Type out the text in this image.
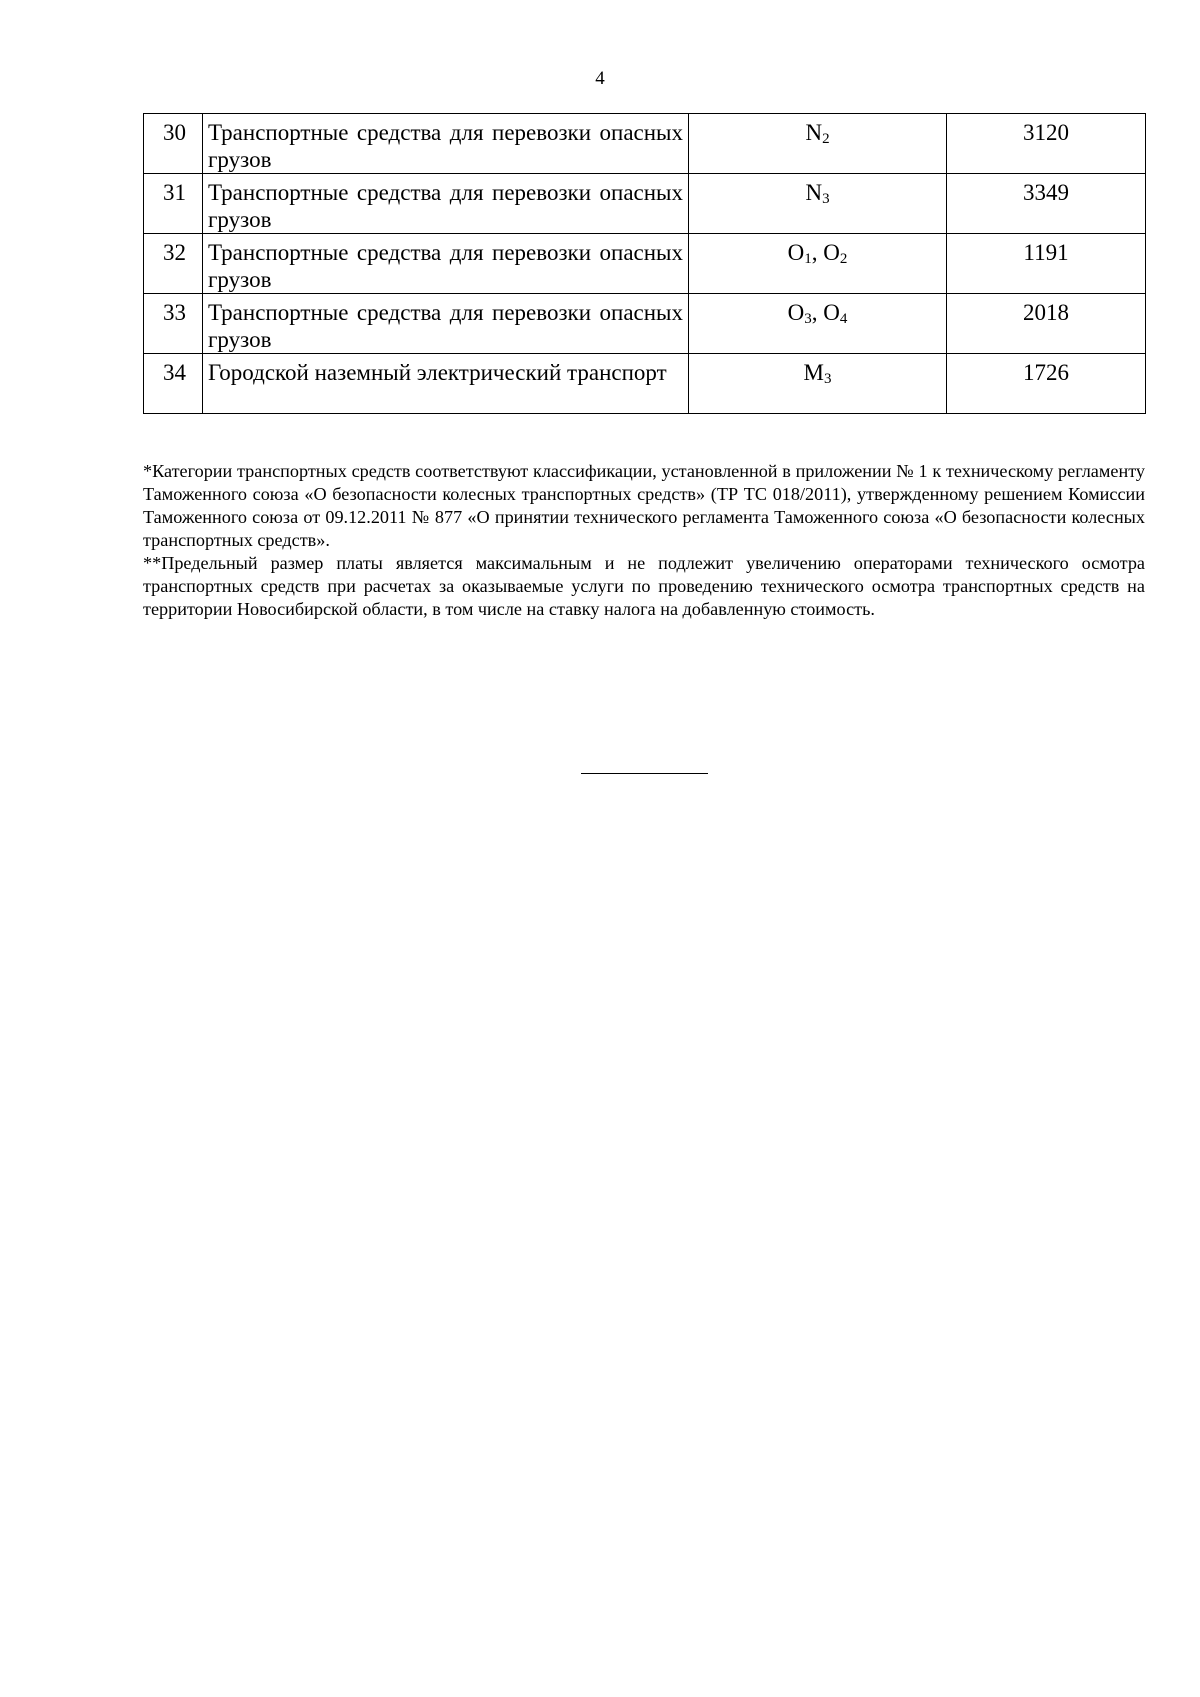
4
30	Транспортные средства для перевозки опасных грузов	$N_2$	3120
31	Транспортные средства для перевозки опасных грузов	$N_3$	3349
32	Транспортные средства для перевозки опасных грузов	$O_1$, $O_2$	1191
33	Транспортные средства для перевозки опасных грузов	$O_3$, $O_4$	2018
34	Городской наземный электрический транспорт	$M_3$	1726

*Категории транспортных средств соответствуют классификации, установленной в приложении № 1 к техническому регламенту Таможенного союза «О безопасности колесных транспортных средств» (ТР ТС 018/2011), утвержденному решением Комиссии Таможенного союза от 09.12.2011 № 877 «О принятии технического регламента Таможенного союза «О безопасности колесных транспортных средств».

**Предельный размер платы является максимальным и не подлежит увеличению операторами технического осмотра транспортных средств при расчетах за оказываемые услуги по проведению технического осмотра транспортных средств на территории Новосибирской области, в том числе на ставку налога на добавленную стоимость.
